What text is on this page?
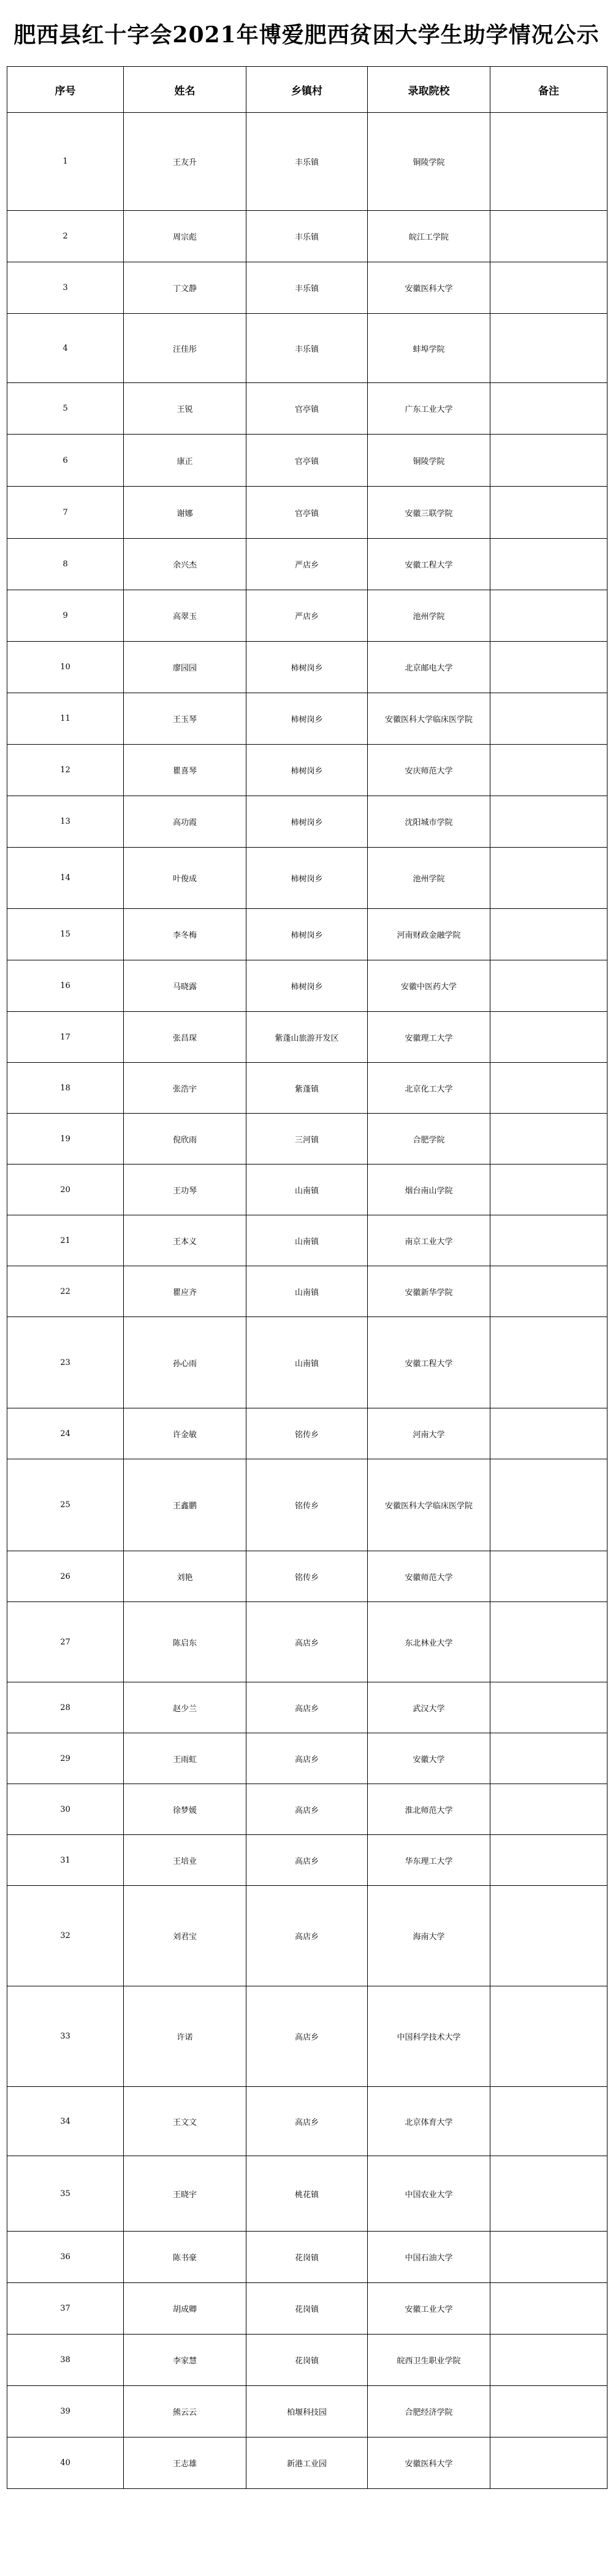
肥西县红十字会2021年博爱肥西贫困大学生助学情况公示
序号	姓名	乡镇村	录取院校	备注
1	王友升	丰乐镇	铜陵学院	
2	周宗彪	丰乐镇	皖江工学院	
3	丁文静	丰乐镇	安徽医科大学	
4	汪佳彤	丰乐镇	蚌埠学院	
5	王锐	官亭镇	广东工业大学	
6	康正	官亭镇	铜陵学院	
7	谢娜	官亭镇	安徽三联学院	
8	余兴杰	严店乡	安徽工程大学	
9	高翠玉	严店乡	池州学院	
10	廖园园	柿树岗乡	北京邮电大学	
11	王玉琴	柿树岗乡	安徽医科大学临床医学院	
12	瞿喜琴	柿树岗乡	安庆师范大学	
13	高功霞	柿树岗乡	沈阳城市学院	
14	叶俊成	柿树岗乡	池州学院	
15	李冬梅	柿树岗乡	河南财政金融学院	
16	马晓露	柿树岗乡	安徽中医药大学	
17	张昌琛	紫蓬山旅游开发区	安徽理工大学	
18	张浩宇	紫蓬镇	北京化工大学	
19	倪欣雨	三河镇	合肥学院	
20	王功琴	山南镇	烟台南山学院	
21	王本义	山南镇	南京工业大学	
22	瞿应齐	山南镇	安徽新华学院	
23	孙心雨	山南镇	安徽工程大学	
24	许金敏	铭传乡	河南大学	
25	王鑫鹏	铭传乡	安徽医科大学临床医学院	
26	刘艳	铭传乡	安徽师范大学	
27	陈启东	高店乡	东北林业大学	
28	赵少兰	高店乡	武汉大学	
29	王雨虹	高店乡	安徽大学	
30	徐梦媛	高店乡	淮北师范大学	
31	王培业	高店乡	华东理工大学	
32	刘君宝	高店乡	海南大学	
33	许诺	高店乡	中国科学技术大学	
34	王文文	高店乡	北京体育大学	
35	王晓宇	桃花镇	中国农业大学	
36	陈书豪	花岗镇	中国石油大学	
37	胡成卿	花岗镇	安徽工业大学	
38	李家慧	花岗镇	皖西卫生职业学院	
39	熊云云	柏堰科技园	合肥经济学院	
40	王志雄	新港工业园	安徽医科大学	
